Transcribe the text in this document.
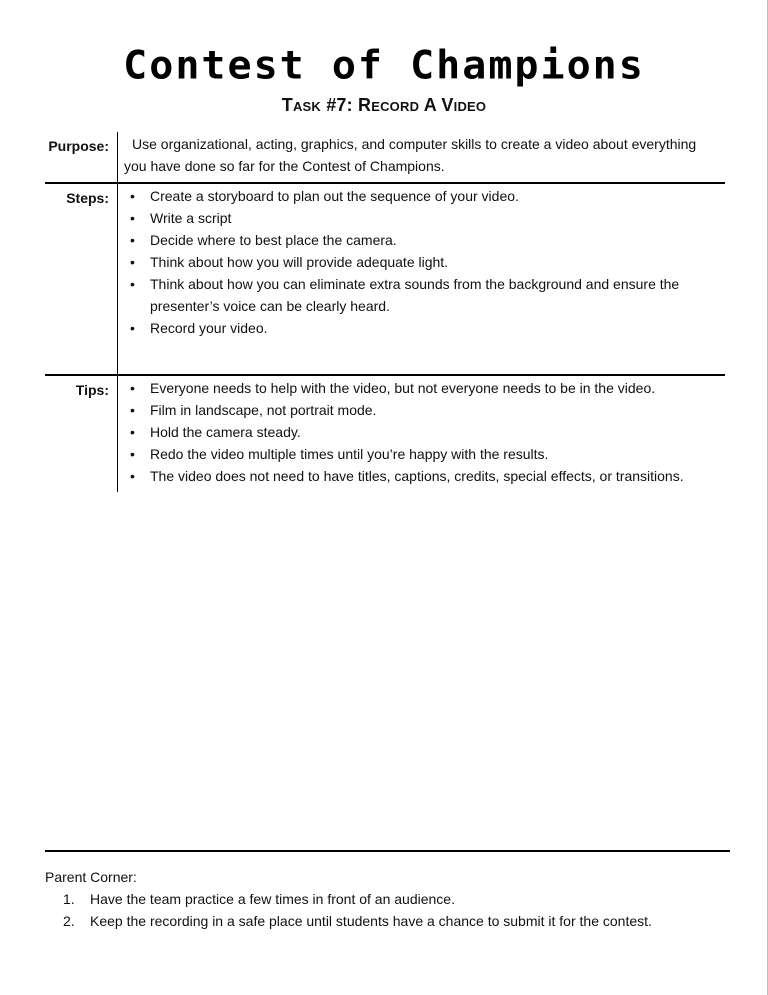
Contest of Champions
Task #7: Record A Video
Purpose:	Use organizational, acting, graphics, and computer skills to create a video about everything you have done so far for the Contest of Champions.
Steps:	• Create a storyboard to plan out the sequence of your video.
• Write a script
• Decide where to best place the camera.
• Think about how you will provide adequate light.
• Think about how you can eliminate extra sounds from the background and ensure the presenter’s voice can be clearly heard.
• Record your video.
Tips:	• Everyone needs to help with the video, but not everyone needs to be in the video.
• Film in landscape, not portrait mode.
• Hold the camera steady.
• Redo the video multiple times until you’re happy with the results.
• The video does not need to have titles, captions, credits, special effects, or transitions.
Parent Corner:
1. Have the team practice a few times in front of an audience.
2. Keep the recording in a safe place until students have a chance to submit it for the contest.
